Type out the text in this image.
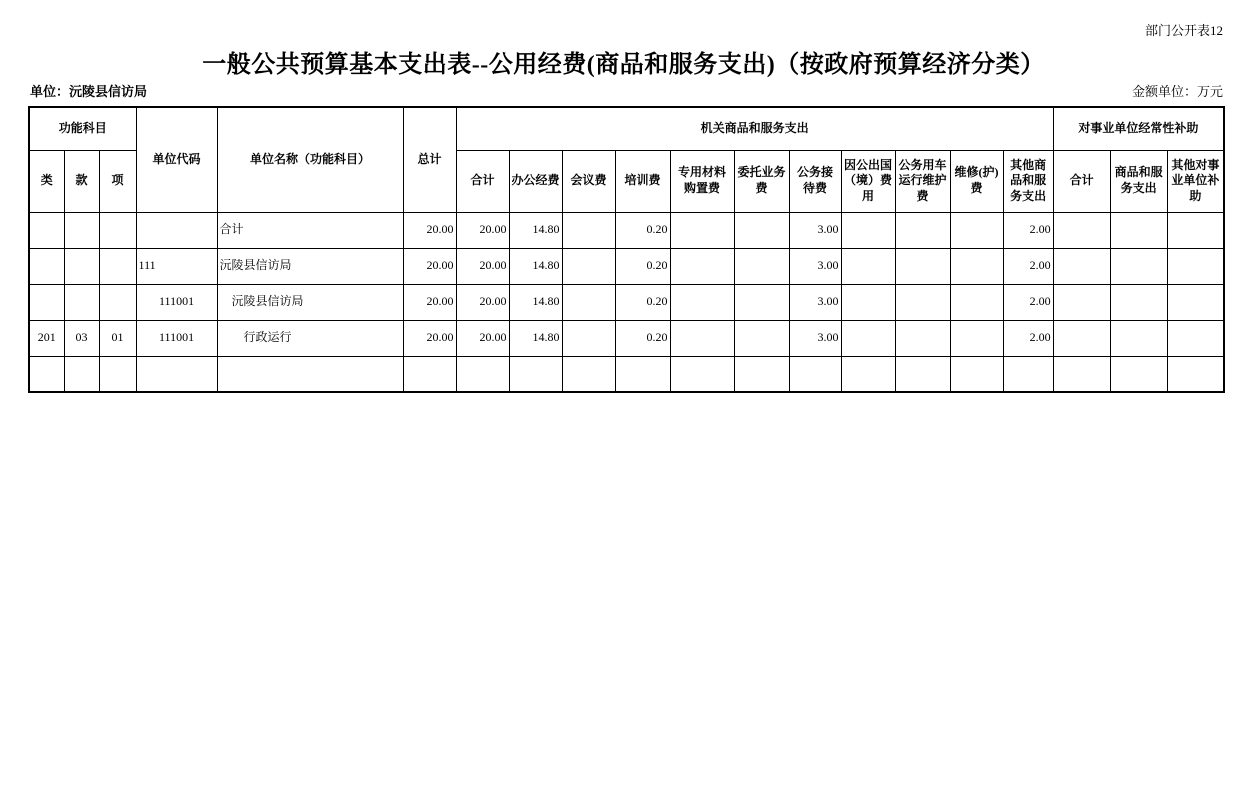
部门公开表12
一般公共预算基本支出表--公用经费(商品和服务支出)（按政府预算经济分类）
单位：沅陵县信访局	金额单位：万元
功能科目			单位代码	单位名称（功能科目）	总计	机关商品和服务支出											对事业单位经常性补助		
类	款	项				合计	办公经费	会议费	培训费	专用材料购置费	委托业务费	公务接待费	因公出国（境）费用	公务用车运行维护费	维修(护)费	其他商品和服务支出	合计	商品和服务支出	其他对事业单位补助
				合计	20.00	20.00	14.80		0.20			3.00				2.00			
			111	沅陵县信访局	20.00	20.00	14.80		0.20			3.00				2.00			
			111001	　沅陵县信访局	20.00	20.00	14.80		0.20			3.00				2.00			
201	03	01	111001	　　行政运行	20.00	20.00	14.80		0.20			3.00				2.00			
